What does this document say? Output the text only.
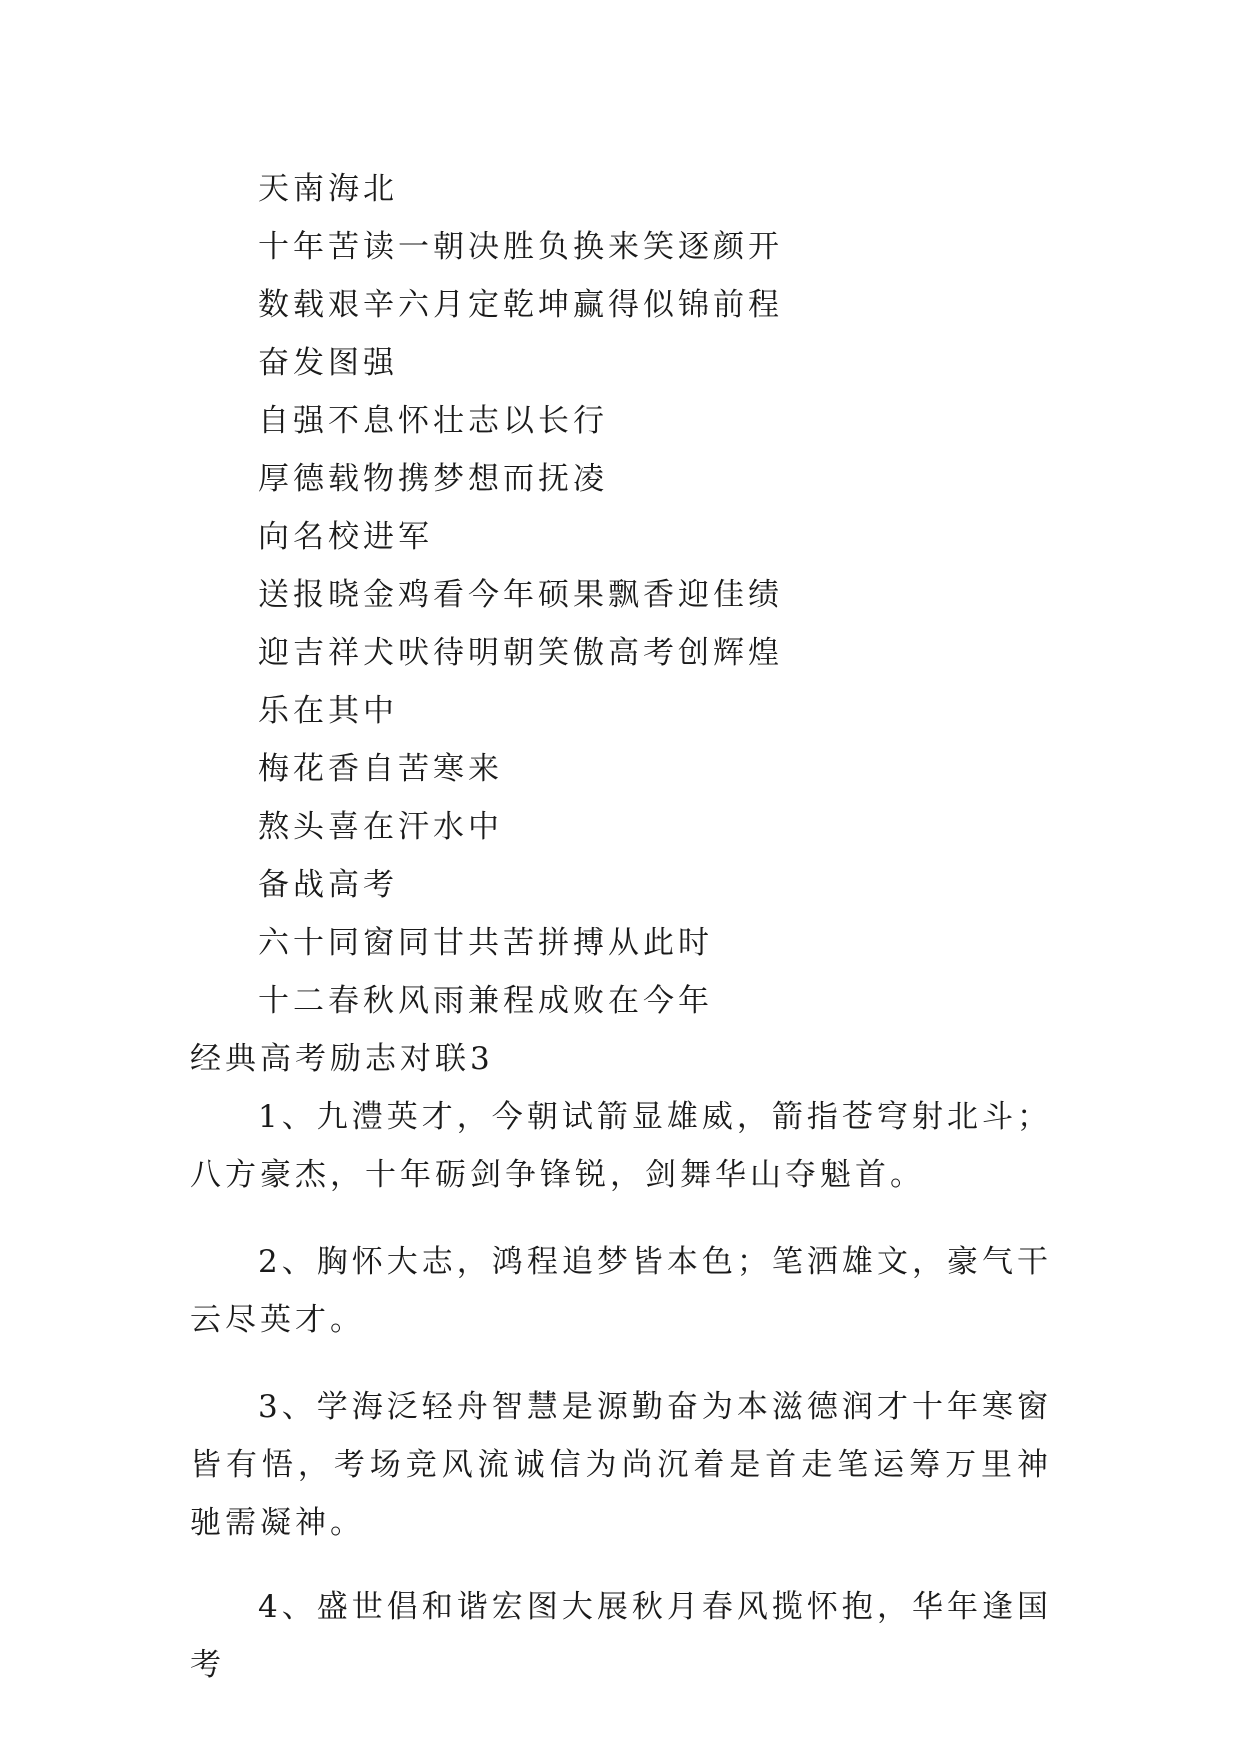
天南海北
十年苦读一朝决胜负换来笑逐颜开
数载艰辛六月定乾坤赢得似锦前程
奋发图强
自强不息怀壮志以长行
厚德载物携梦想而抚凌
向名校进军
送报晓金鸡看今年硕果飘香迎佳绩
迎吉祥犬吠待明朝笑傲高考创辉煌
乐在其中
梅花香自苦寒来
熬头喜在汗水中
备战高考
六十同窗同甘共苦拼搏从此时
十二春秋风雨兼程成败在今年
经典高考励志对联3
1、九澧英才，今朝试箭显雄威，箭指苍穹射北斗；八方豪杰，十年砺剑争锋锐，剑舞华山夺魁首。
2、胸怀大志，鸿程追梦皆本色；笔洒雄文，豪气干云尽英才。
3、学海泛轻舟智慧是源勤奋为本滋德润才十年寒窗皆有悟，考场竞风流诚信为尚沉着是首走笔运筹万里神驰需凝神。
4、盛世倡和谐宏图大展秋月春风揽怀抱，华年逢国考
